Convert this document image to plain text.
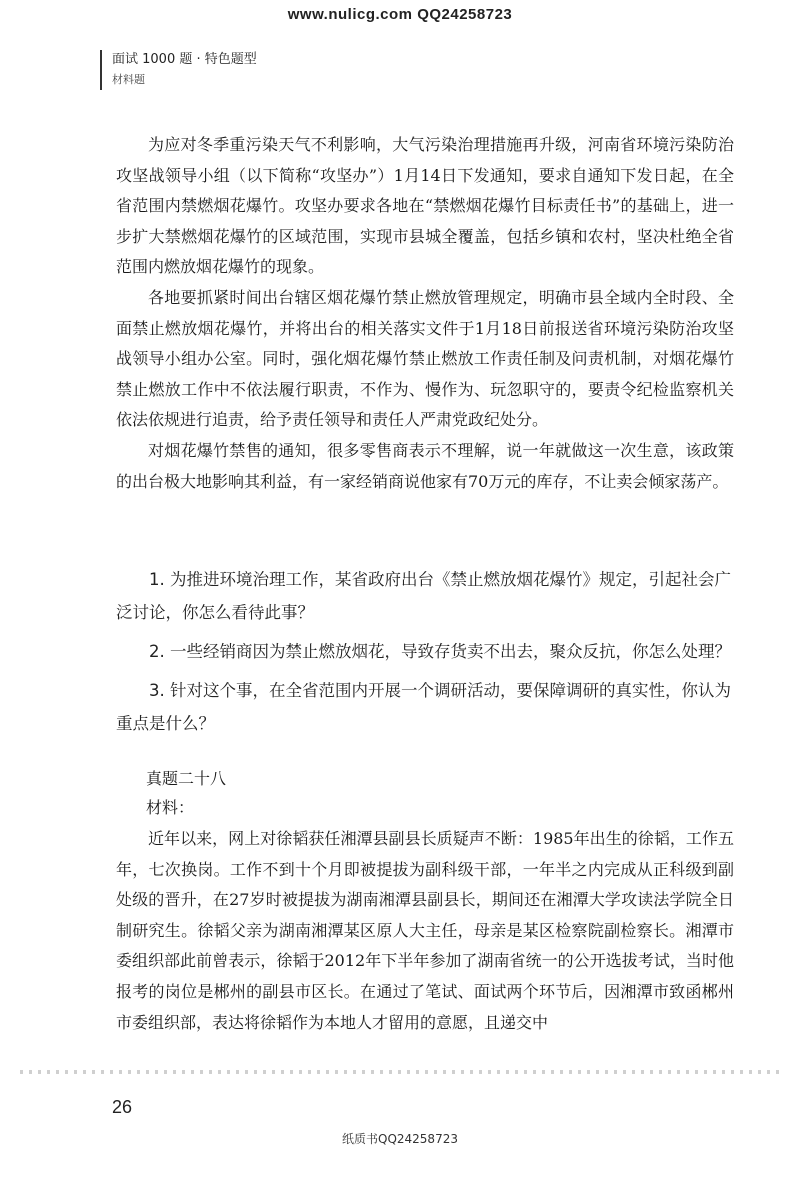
www.nulicg.com QQ24258723
面试 1000 题 · 特色题型
材料题

为应对冬季重污染天气不利影响，大气污染治理措施再升级，河南省环境污染防治攻坚战领导小组（以下简称“攻坚办”）1月14日下发通知，要求自通知下发日起，在全省范围内禁燃烟花爆竹。攻坚办要求各地在“禁燃烟花爆竹目标责任书”的基础上，进一步扩大禁燃烟花爆竹的区域范围，实现市县城全覆盖，包括乡镇和农村，坚决杜绝全省范围内燃放烟花爆竹的现象。

各地要抓紧时间出台辖区烟花爆竹禁止燃放管理规定，明确市县全域内全时段、全面禁止燃放烟花爆竹，并将出台的相关落实文件于1月18日前报送省环境污染防治攻坚战领导小组办公室。同时，强化烟花爆竹禁止燃放工作责任制及问责机制，对烟花爆竹禁止燃放工作中不依法履行职责，不作为、慢作为、玩忽职守的，要责令纪检监察机关依法依规进行追责，给予责任领导和责任人严肃党政纪处分。

对烟花爆竹禁售的通知，很多零售商表示不理解，说一年就做这一次生意，该政策的出台极大地影响其利益，有一家经销商说他家有70万元的库存，不让卖会倾家荡产。

1. 为推进环境治理工作，某省政府出台《禁止燃放烟花爆竹》规定，引起社会广泛讨论，你怎么看待此事？

2. 一些经销商因为禁止燃放烟花，导致存货卖不出去，聚众反抗，你怎么处理？

3. 针对这个事，在全省范围内开展一个调研活动，要保障调研的真实性，你认为重点是什么？

真题二十八
材料：

近年以来，网上对徐韬获任湘潭县副县长质疑声不断：1985年出生的徐韬，工作五年，七次换岗。工作不到十个月即被提拔为副科级干部，一年半之内完成从正科级到副处级的晋升，在27岁时被提拔为湖南湘潭县副县长，期间还在湘潭大学攻读法学院全日制研究生。徐韬父亲为湖南湘潭某区原人大主任，母亲是某区检察院副检察长。湘潭市委组织部此前曾表示，徐韬于2012年下半年参加了湖南省统一的公开选拔考试，当时他报考的岗位是郴州的副县市区长。在通过了笔试、面试两个环节后，因湘潭市致函郴州市委组织部，表达将徐韬作为本地人才留用的意愿，且递交中

26
纸质书QQ24258723
